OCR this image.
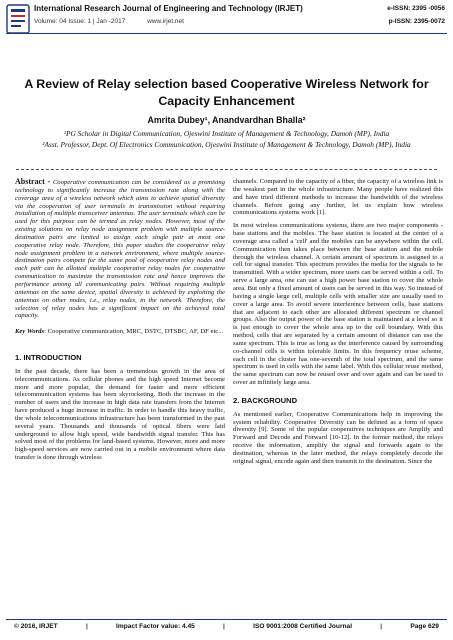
International Research Journal of Engineering and Technology (IRJET)
Volume: 04 Issue: 1 | Jan -2017	www.irjet.net
e-ISSN: 2395 -0056
p-ISSN: 2395-0072
A Review of Relay selection based Cooperative Wireless Network for Capacity Enhancement
Amrita Dubey¹, Anandvardhan Bhalla²
¹PG Scholar in Digital Communication, Ojeswini Institute of Management & Technology, Damoh (MP), India
²Asst. Professor, Dept. Of Electronics Communication, Ojeswini Institute of Management & Technology, Damoh (MP), India

Abstract - Cooperative communication can be considered as a promising technology to significantly increase the transmission rate along with the coverage area of a wireless network which aims to achieve spatial diversity via the cooperation of user terminals in transmission without requiring installation of multiple transceiver antennas. The user terminals which can be used for this purpose can be termed as relay nodes. However, most of the existing solutions on relay node assignment problem with multiple source-destination pairs are limited to assign each single pair at most one cooperative relay node. Therefore, this paper studies the cooperative relay node assignment problem in a network environment, where multiple source-destination pairs compete for the same pool of cooperative relay nodes and each pair can be allotted multiple cooperative relay nodes for cooperative communication to maximize the transmission rate and hence improves the performance among all communicating pairs. Without requiring multiple antennas on the same device, spatial diversity is achieved by exploiting the antennas on other nodes, i.e., relay nodes, in the network. Therefore, the selection of relay nodes has a significant impact on the achieved total capacity.

Key Words: Cooperative communication, MRC, DSTC, DTSBC, AF, DF etc...

1. INTRODUCTION

In the past decade, there has been a tremendous growth in the area of telecommunications. As cellular phones and the high speed Internet become more and more popular, the demand for faster and more efficient telecommunication systems has been skyrocketing. Both the increase in the number of users and the increase in high data rate transfers from the Internet have produced a huge increase in traffic. In order to handle this heavy traffic, the whole telecommunications infrastructure has been transformed in the past several years. Thousands and thousands of optical fibers were laid underground to allow high speed, wide bandwidth signal transfer. This has solved most of the problems for land-based systems. However, more and more high-speed services are now carried out in a mobile environment where data transfer is done through wireless

channels. Compared to the capacity of a fiber, the capacity of a wireless link is the weakest part in the whole infrastructure. Many people have realized this and have tried different methods to increase the bandwidth of the wireless channels. Before going any further, let us explain how wireless communications systems work [1].

In most wireless communications systems, there are two major components - base stations and the mobiles. The base station is located at the center of a coverage area called a 'cell' and the mobiles can be anywhere within the cell. Communication then takes place between the base station and the mobile through the wireless channel. A certain amount of spectrum is assigned to a cell for signal transfer. This spectrum provides the media for the signals to be transmitted. With a wider spectrum, more users can be served within a cell. To serve a large area, one can use a high power base station to cover the whole area. But only a fixed amount of users can be served in this way. So instead of having a single large cell, multiple cells with smaller size are usually used to cover a large area. To avoid severe interference between cells, base stations that are adjacent to each other are allocated different spectrum or channel groups. Also the output power of the base station is maintained at a level so it is just enough to cover the whole area up to the cell boundary. With this method, cells that are separated by a certain amount of distance can use the same spectrum. This is true as long as the interference caused by surrounding co-channel cells is within tolerable limits. In this frequency reuse scheme, each cell in the cluster has one-seventh of the total spectrum, and the same spectrum is used in cells with the same label. With this cellular reuse method, the same spectrum can now be reused over and over again and can be used to cover an infinitely large area.

2. BACKGROUND

As mentioned earlier, Cooperative Communications help in improving the system reliability. Cooperative Diversity can be defined as a form of space diversity [9]. Some of the popular cooperatives techniques are Amplify and Forward and Decode and Forward [10-12]. In the former method, the relays receive the information, amplify the signal and forwards again to the destination, whereas in the later method, the relays completely decode the original signal, encode again and then transmit to the destination. Since the

© 2016, IRJET	|	Impact Factor value: 4.45	|	ISO 9001:2008 Certified Journal	|	Page 629
